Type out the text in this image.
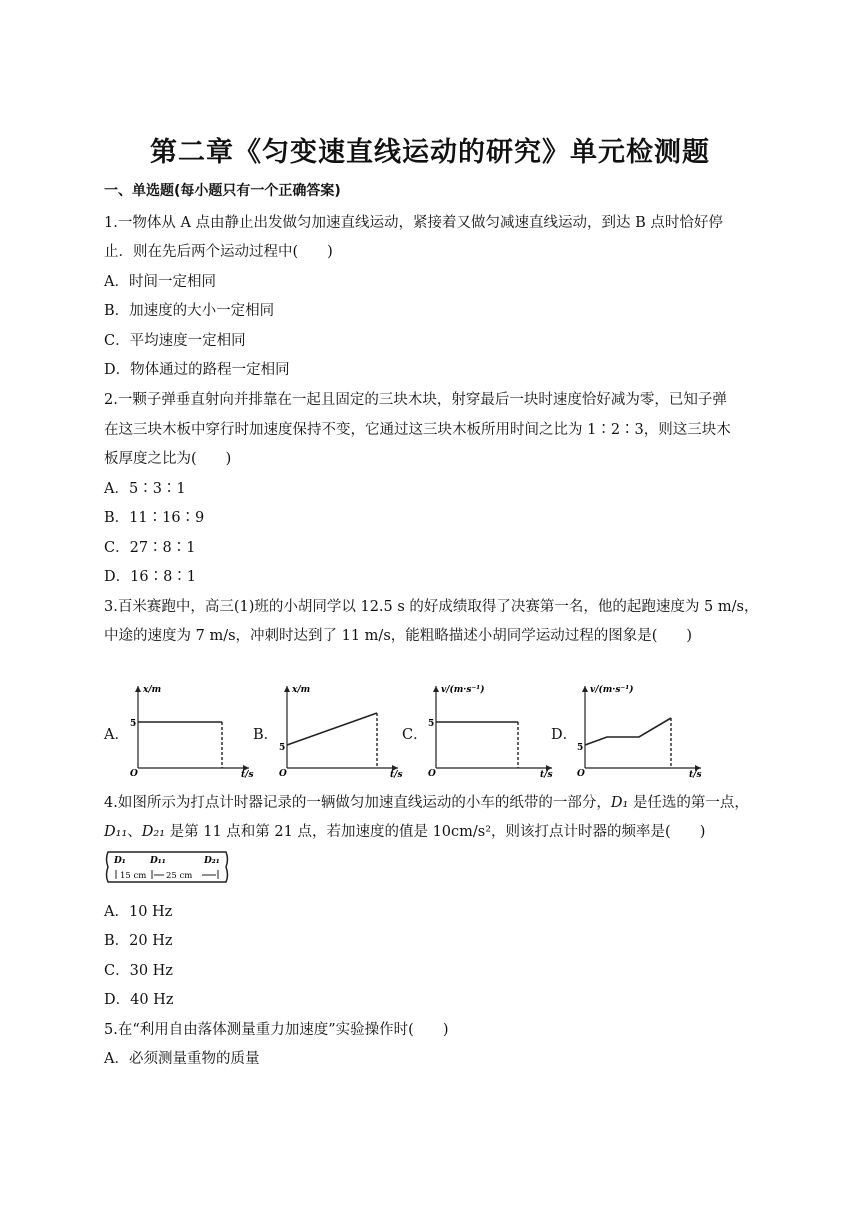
第二章《匀变速直线运动的研究》单元检测题
一、单选题(每小题只有一个正确答案)
1.一物体从 A 点由静止出发做匀加速直线运动，紧接着又做匀减速直线运动，到达 B 点时恰好停
止．则在先后两个运动过程中(　　)
A．时间一定相同
B．加速度的大小一定相同
C．平均速度一定相同
D．物体通过的路程一定相同
2.一颗子弹垂直射向并排靠在一起且固定的三块木块，射穿最后一块时速度恰好减为零，已知子弹
在这三块木板中穿行时加速度保持不变，它通过这三块木板所用时间之比为 1∶2∶3，则这三块木
板厚度之比为(　　)
A．5∶3∶1
B．11∶16∶9
C．27∶8∶1
D．16∶8∶1
3.百米赛跑中，高三(1)班的小胡同学以 12.5 s 的好成绩取得了决赛第一名，他的起跑速度为 5 m/s，
中途的速度为 7 m/s，冲刺时达到了 11 m/s，能粗略描述小胡同学运动过程的图象是(　　)
A．	B．	C．	D．
x/m
t/s
O
5
x/m
t/s
O
5
v/(m·s⁻¹)
t/s
O
5
v/(m·s⁻¹)
t/s
O
5
4.如图所示为打点计时器记录的一辆做匀加速直线运动的小车的纸带的一部分，D₁ 是任选的第一点，
D₁₁、D₂₁ 是第 11 点和第 21 点，若加速度的值是 10cm/s²，则该打点计时器的频率是(　　)
D₁	D₁₁	D₂₁
15 cm 25 cm
A．10 Hz
B．20 Hz
C．30 Hz
D．40 Hz
5.在“利用自由落体测量重力加速度”实验操作时(　　)
A．必须测量重物的质量
